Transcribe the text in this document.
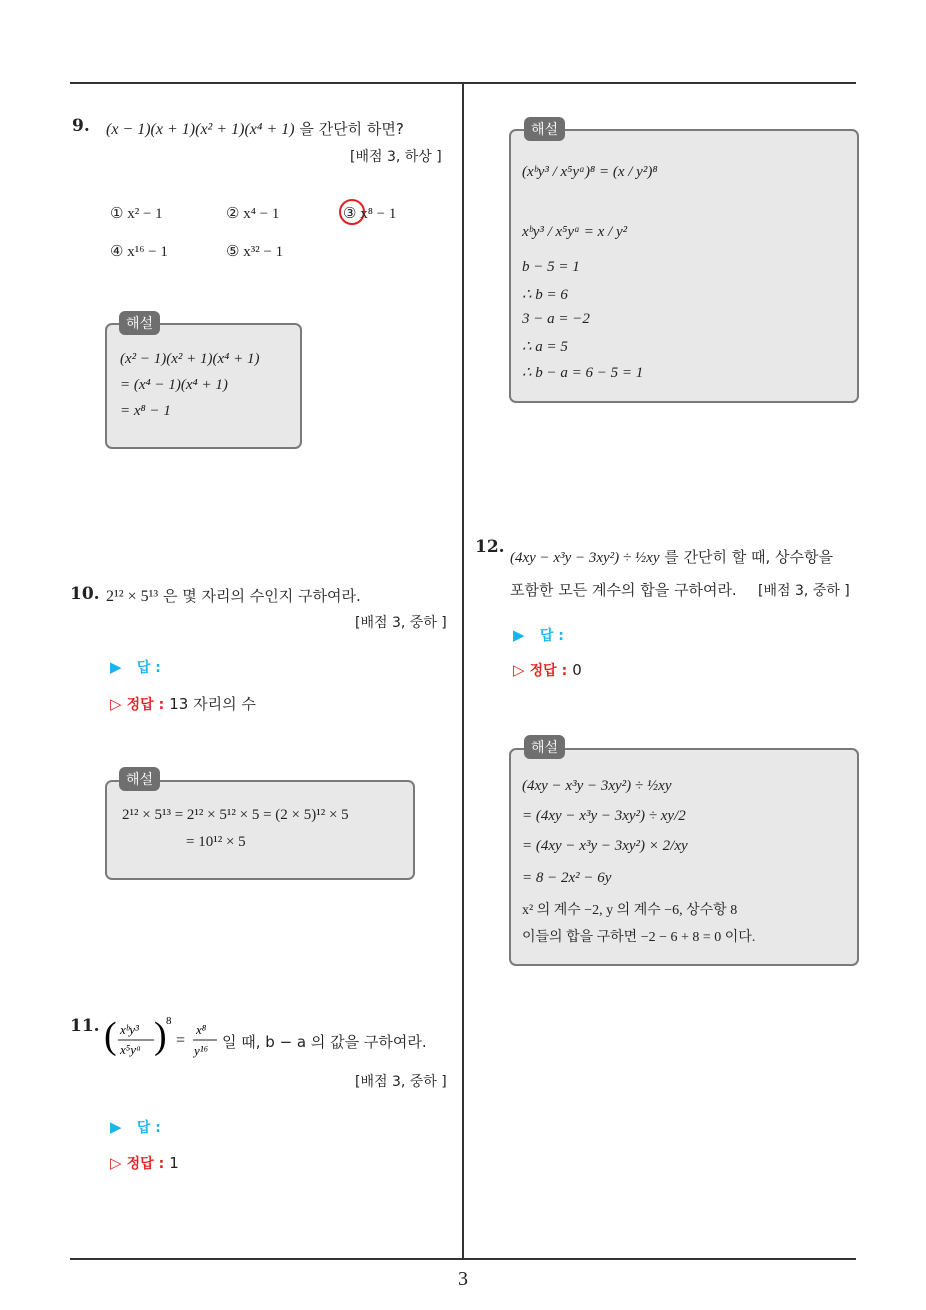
9. (x − 1)(x + 1)(x² + 1)(x⁴ + 1) 을 간단히 하면?
[배점 3, 하상 ]
① x² − 1	② x⁴ − 1	③ x⁸ − 1
④ x¹⁶ − 1	⑤ x³² − 1
해설
(x² − 1)(x² + 1)(x⁴ + 1)
= (x⁴ − 1)(x⁴ + 1)
= x⁸ − 1
10. 2¹² × 5¹³ 은 몇 자리의 수인지 구하여라.
[배점 3, 중하 ]
▶ 답 :
▷ 정답 : 13 자리의 수
해설
2¹² × 5¹³ = 2¹² × 5¹² × 5 = (2 × 5)¹² × 5
= 10¹² × 5
11. ( xᵇy³
x⁵yᵃ ) 8
=
x⁸
y¹⁶ 일 때, b − a 의 값을 구하여라.
[배점 3, 중하 ]
▶ 답 :
▷ 정답 : 1
해설
(xᵇy³ / x⁵yᵃ)⁸ = (x / y²)⁸
xᵇy³ / x⁵yᵃ = x / y²
b − 5 = 1
∴ b = 6
3 − a = −2
∴ a = 5
∴ b − a = 6 − 5 = 1
12.
(4xy − x³y − 3xy²) ÷ ½xy 를 간단히 할 때, 상수항을
포함한 모든 계수의 합을 구하여라. [배점 3, 중하 ]
▶ 답 :
▷ 정답 : 0
해설
(4xy − x³y − 3xy²) ÷ ½xy
= (4xy − x³y − 3xy²) ÷ xy/2
= (4xy − x³y − 3xy²) × 2/xy
= 8 − 2x² − 6y
x² 의 계수 −2, y 의 계수 −6, 상수항 8
이들의 합을 구하면 −2 − 6 + 8 = 0 이다.
3
